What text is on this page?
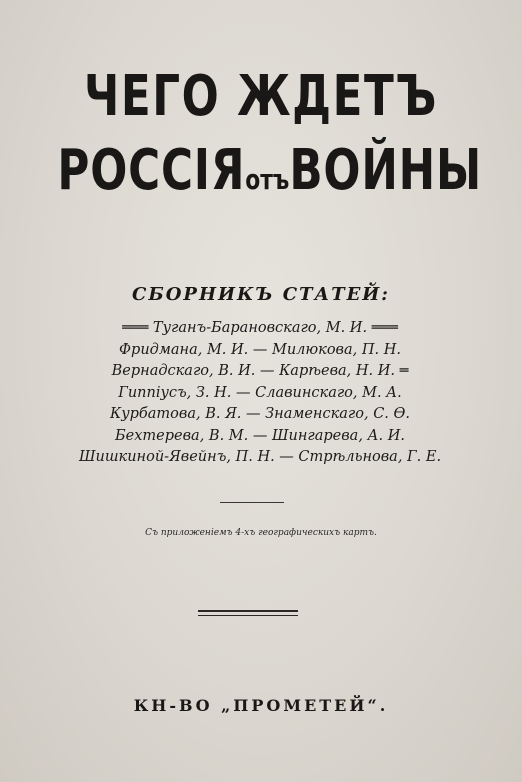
ЧЕГО ЖДЕТЪ
РОССІЯотъВОЙНЫ
СБОРНИКЪ СТАТЕЙ:
═══ Туганъ-Барановскаго, М. И. ═══
Фридмана, М. И. — Милюкова, П. Н.
Вернадскаго, В. И. — Карѣева, Н. И. ═
Гиппіусъ, З. Н. — Славинскаго, М. А.
Курбатова, В. Я. — Знаменскаго, С. Ѳ.
Бехтерева, В. М. — Шингарева, А. И.
Шишкиной-Явейнъ, П. Н. — Стрѣльнова, Г. Е.
Съ приложеніемъ 4-хъ географическихъ картъ.
КН-ВО „ПРОМЕТЕЙ“.
